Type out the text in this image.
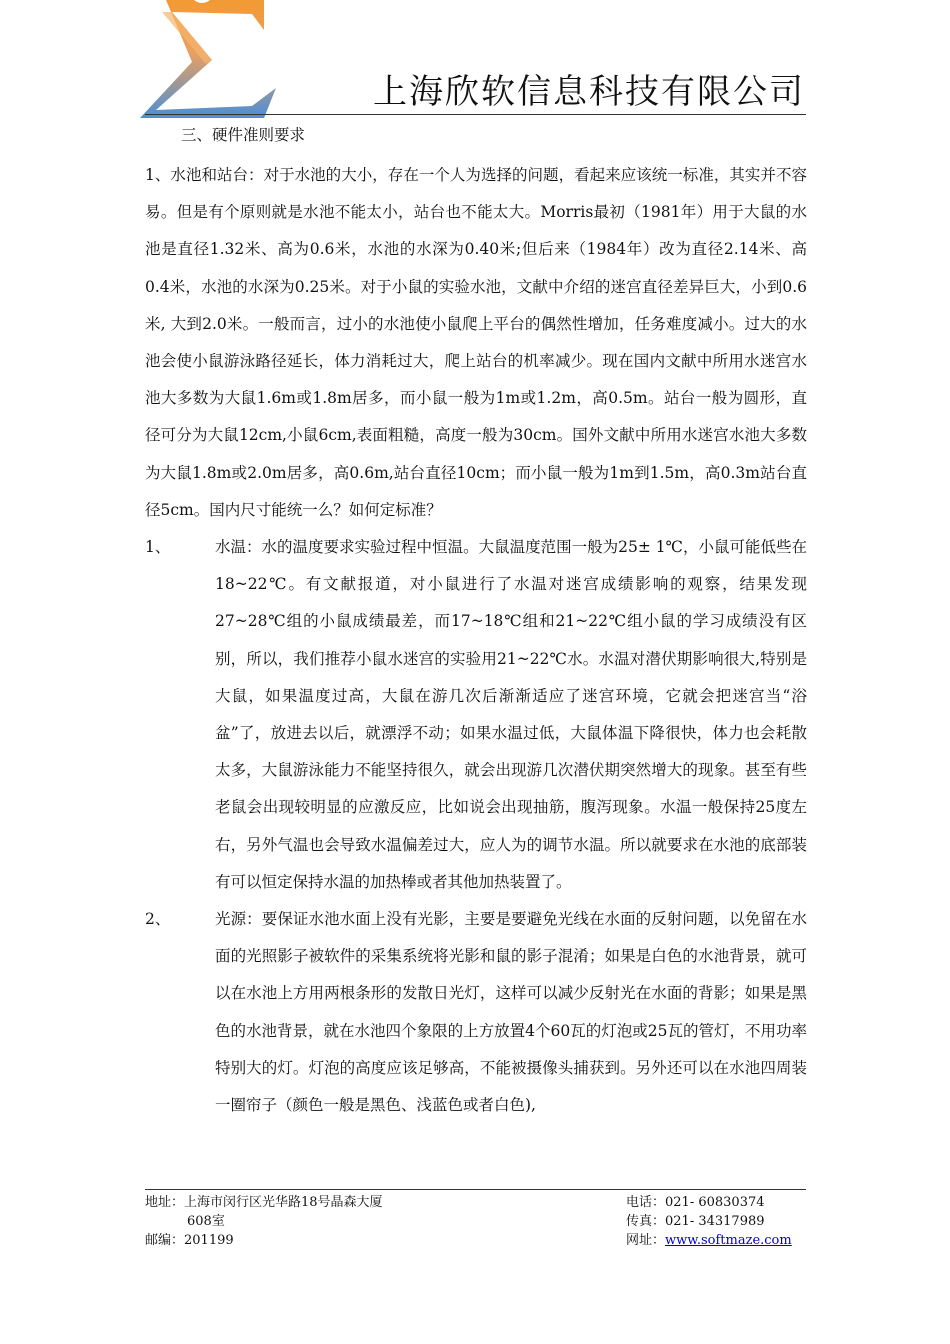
上海欣软信息科技有限公司
三、硬件准则要求

1、水池和站台：对于水池的大小，存在一个人为选择的问题，看起来应该统一标准，其实并不容易。但是有个原则就是水池不能太小，站台也不能太大。Morris最初（1981年）用于大鼠的水池是直径1.32米、高为0.6米，水池的水深为0.40米;但后来（1984年）改为直径2.14米、高0.4米，水池的水深为0.25米。对于小鼠的实验水池，文献中介绍的迷宫直径差异巨大，小到0.6米, 大到2.0米。一般而言，过小的水池使小鼠爬上平台的偶然性增加，任务难度减小。过大的水池会使小鼠游泳路径延长，体力消耗过大，爬上站台的机率减少。现在国内文献中所用水迷宫水池大多数为大鼠1.6m或1.8m居多，而小鼠一般为1m或1.2m，高0.5m。站台一般为圆形，直径可分为大鼠12cm,小鼠6cm,表面粗糙，高度一般为30cm。国外文献中所用水迷宫水池大多数为大鼠1.8m或2.0m居多，高0.6m,站台直径10cm；而小鼠一般为1m到1.5m，高0.3m站台直径5cm。国内尺寸能统一么？如何定标准？

1、	水温：水的温度要求实验过程中恒温。大鼠温度范围一般为25± 1℃，小鼠可能低些在18~22℃。有文献报道，对小鼠进行了水温对迷宫成绩影响的观察，结果发现27~28℃组的小鼠成绩最差，而17~18℃组和21~22℃组小鼠的学习成绩没有区别，所以，我们推荐小鼠水迷宫的实验用21~22℃水。水温对潜伏期影响很大,特别是大鼠，如果温度过高，大鼠在游几次后渐渐适应了迷宫环境，它就会把迷宫当“浴盆”了，放进去以后，就漂浮不动；如果水温过低，大鼠体温下降很快，体力也会耗散太多，大鼠游泳能力不能坚持很久，就会出现游几次潜伏期突然增大的现象。甚至有些老鼠会出现较明显的应激反应，比如说会出现抽筋，腹泻现象。水温一般保持25度左右，另外气温也会导致水温偏差过大，应人为的调节水温。所以就要求在水池的底部装有可以恒定保持水温的加热棒或者其他加热装置了。

2、	光源：要保证水池水面上没有光影，主要是要避免光线在水面的反射问题，以免留在水面的光照影子被软件的采集系统将光影和鼠的影子混淆；如果是白色的水池背景，就可以在水池上方用两根条形的发散日光灯，这样可以减少反射光在水面的背影；如果是黑色的水池背景，就在水池四个象限的上方放置4个60瓦的灯泡或25瓦的管灯，不用功率特别大的灯。灯泡的高度应该足够高，不能被摄像头捕获到。另外还可以在水池四周装一圈帘子（颜色一般是黑色、浅蓝色或者白色),

地址：上海市闵行区光华路18号晶森大厦
608室
邮编：201199
电话：021- 60830374
传真：021- 34317989
网址：www.softmaze.com
